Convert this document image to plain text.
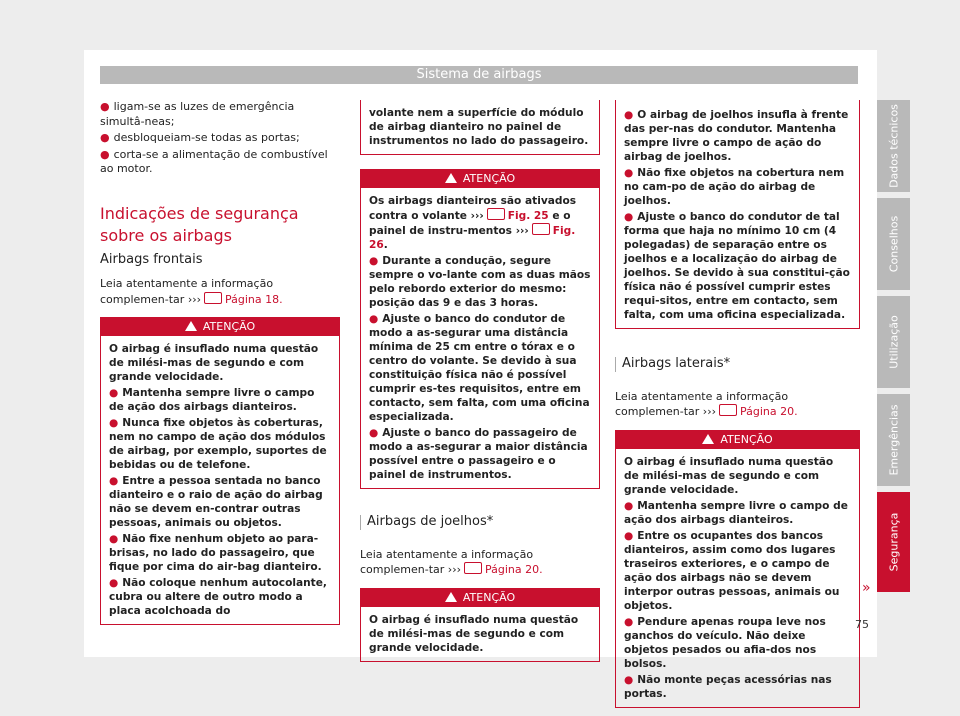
Sistema de airbags
● ligam-se as luzes de emergência simultâ-neas;
● desbloqueiam-se todas as portas;
● corta-se a alimentação de combustível ao motor.
Indicações de segurança sobre os airbags
Airbags frontais
Leia atentamente a informação complemen-tar ››› Página 18.
ATENÇÃO
O airbag é insuflado numa questão de milési-mas de segundo e com grande velocidade.
● Mantenha sempre livre o campo de ação dos airbags dianteiros.
● Nunca fixe objetos às coberturas, nem no campo de ação dos módulos de airbag, por exemplo, suportes de bebidas ou de telefone.
● Entre a pessoa sentada no banco dianteiro e o raio de ação do airbag não se devem en-contrar outras pessoas, animais ou objetos.
● Não fixe nenhum objeto ao para-brisas, no lado do passageiro, que fique por cima do air-bag dianteiro.
● Não coloque nenhum autocolante, cubra ou altere de outro modo a placa acolchoada do
volante nem a superfície do módulo de airbag dianteiro no painel de instrumentos no lado do passageiro.
ATENÇÃO
Os airbags dianteiros são ativados contra o volante ››› Fig. 25 e o painel de instru-mentos ››› Fig. 26.
● Durante a condução, segure sempre o vo-lante com as duas mãos pelo rebordo exterior do mesmo: posição das 9 e das 3 horas.
● Ajuste o banco do condutor de modo a as-segurar uma distância mínima de 25 cm entre o tórax e o centro do volante. Se devido à sua constituição física não é possível cumprir es-tes requisitos, entre em contacto, sem falta, com uma oficina especializada.
● Ajuste o banco do passageiro de modo a as-segurar a maior distância possível entre o passageiro e o painel de instrumentos.
Airbags de joelhos*
Leia atentamente a informação complemen-tar ››› Página 20.
ATENÇÃO
O airbag é insuflado numa questão de milési-mas de segundo e com grande velocidade.
● O airbag de joelhos insufla à frente das per-nas do condutor. Mantenha sempre livre o campo de ação do airbag de joelhos.
● Não fixe objetos na cobertura nem no cam-po de ação do airbag de joelhos.
● Ajuste o banco do condutor de tal forma que haja no mínimo 10 cm (4 polegadas) de separação entre os joelhos e a localização do airbag de joelhos. Se devido à sua constitui-ção física não é possível cumprir estes requi-sitos, entre em contacto, sem falta, com uma oficina especializada.
Airbags laterais*
Leia atentamente a informação complemen-tar ››› Página 20.
ATENÇÃO
O airbag é insuflado numa questão de milési-mas de segundo e com grande velocidade.
● Mantenha sempre livre o campo de ação dos airbags dianteiros.
● Entre os ocupantes dos bancos dianteiros, assim como dos lugares traseiros exteriores, e o campo de ação dos airbags não se devem interpor outras pessoas, animais ou objetos.
● Pendure apenas roupa leve nos ganchos do veículo. Não deixe objetos pesados ou afia-dos nos bolsos.
● Não monte peças acessórias nas portas.
»
Dados técnicos
Conselhos
Utilização
Emergências
Segurança
75
